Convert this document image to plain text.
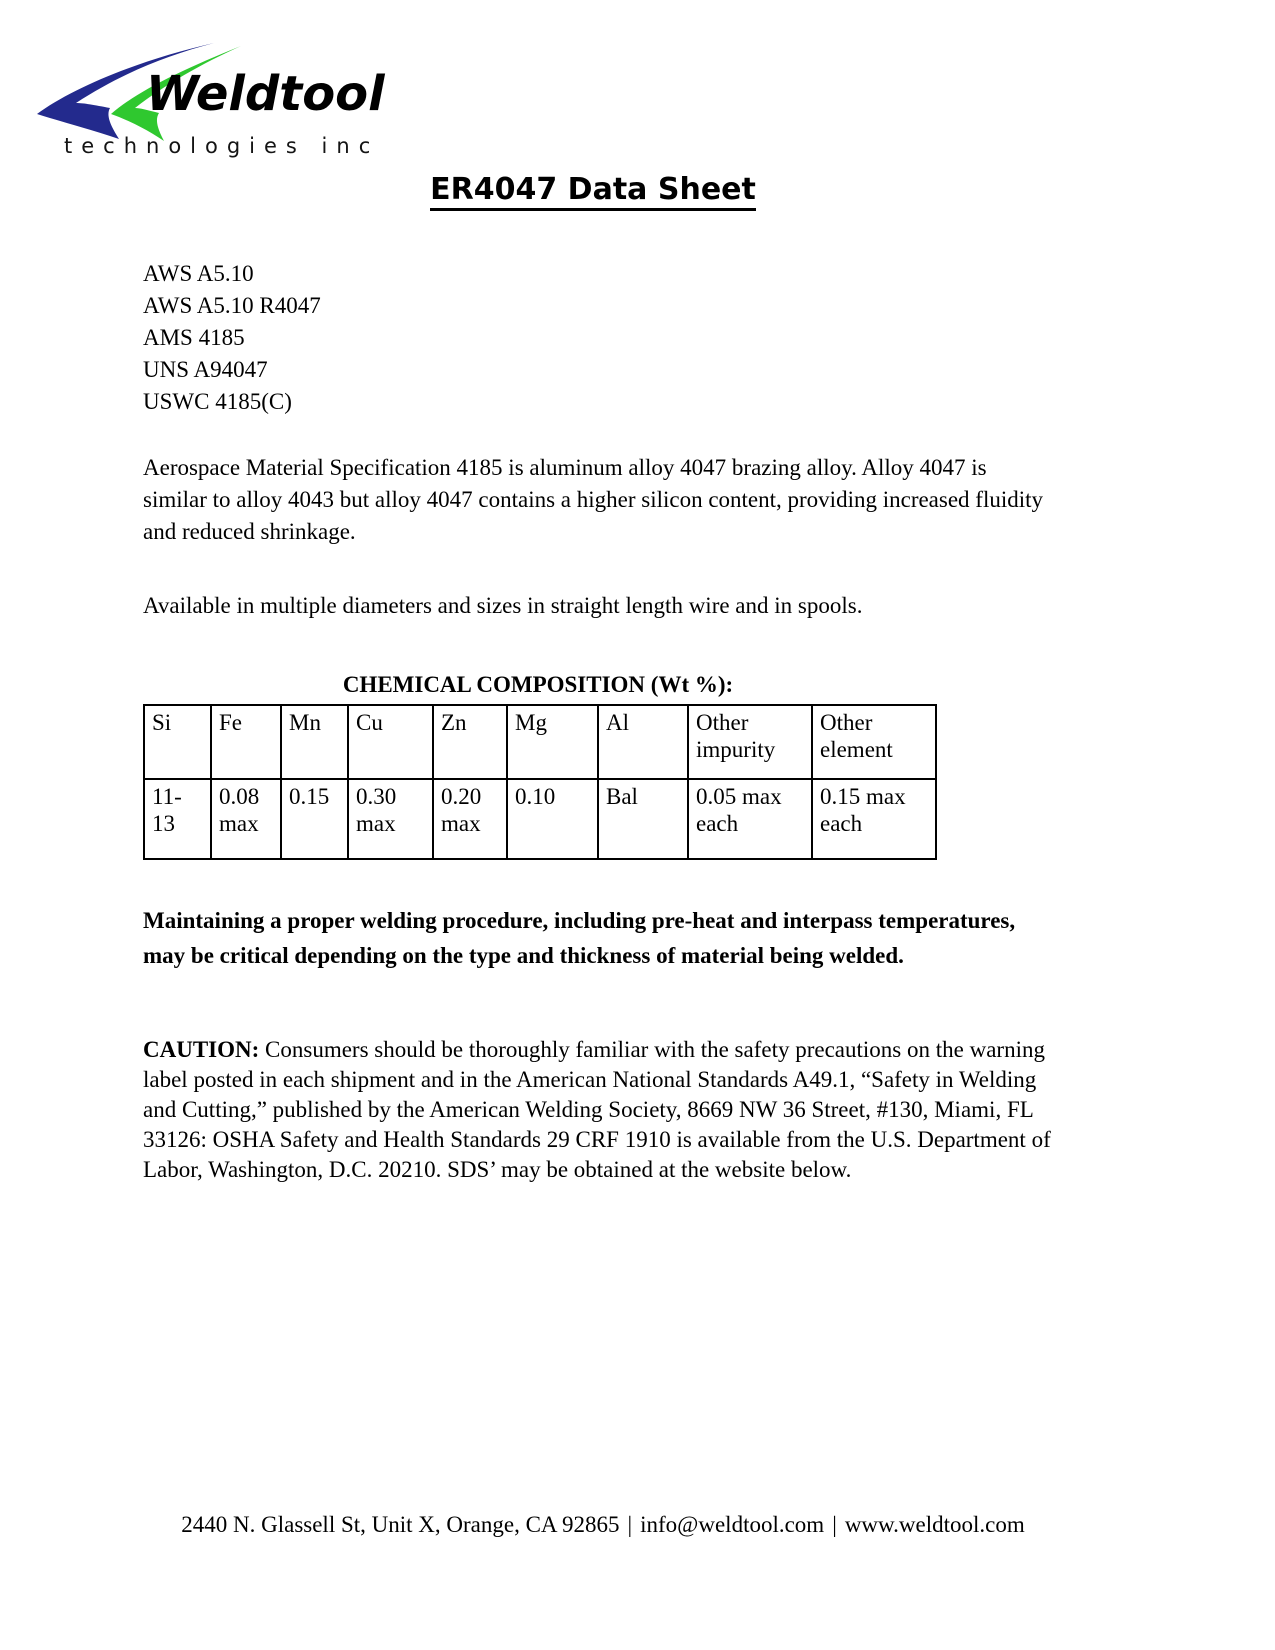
Weldtool
technologies inc
ER4047 Data Sheet
AWS A5.10
AWS A5.10 R4047
AMS 4185
UNS A94047
USWC 4185(C)
Aerospace Material Specification 4185 is aluminum alloy 4047 brazing alloy. Alloy 4047 is similar to alloy 4043 but alloy 4047 contains a higher silicon content, providing increased fluidity and reduced shrinkage.
Available in multiple diameters and sizes in straight length wire and in spools.
CHEMICAL COMPOSITION (Wt %):
Si	Fe	Mn	Cu	Zn	Mg	Al	Other impurity	Other element
11-13	0.08 max	0.15	0.30 max	0.20 max	0.10	Bal	0.05 max each	0.15 max each
Maintaining a proper welding procedure, including pre-heat and interpass temperatures, may be critical depending on the type and thickness of material being welded.
CAUTION: Consumers should be thoroughly familiar with the safety precautions on the warning label posted in each shipment and in the American National Standards A49.1, “Safety in Welding and Cutting,” published by the American Welding Society, 8669 NW 36 Street, #130, Miami, FL 33126: OSHA Safety and Health Standards 29 CRF 1910 is available from the U.S. Department of Labor, Washington, D.C. 20210. SDS’ may be obtained at the website below.
2440 N. Glassell St, Unit X, Orange, CA 92865 | info@weldtool.com | www.weldtool.com
